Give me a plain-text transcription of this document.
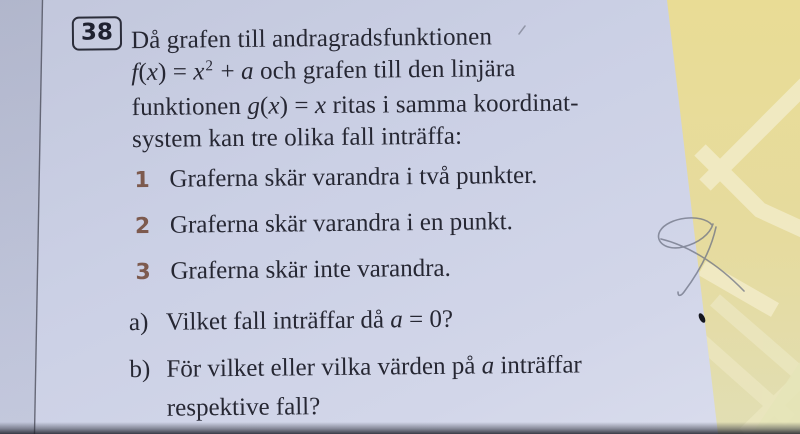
38 Då grafen till andragradsfunktionen
$f(x) = x^2 + a$ och grafen till den linjära
funktionen g(x) = x ritas i samma koordinat-
system kan tre olika fall inträffa:
1 Graferna skär varandra i två punkter.
2 Graferna skär varandra i en punkt.
3 Graferna skär inte varandra.
a) Vilket fall inträffar då a = 0?
b) För vilket eller vilka värden på a inträffar
respektive fall?
